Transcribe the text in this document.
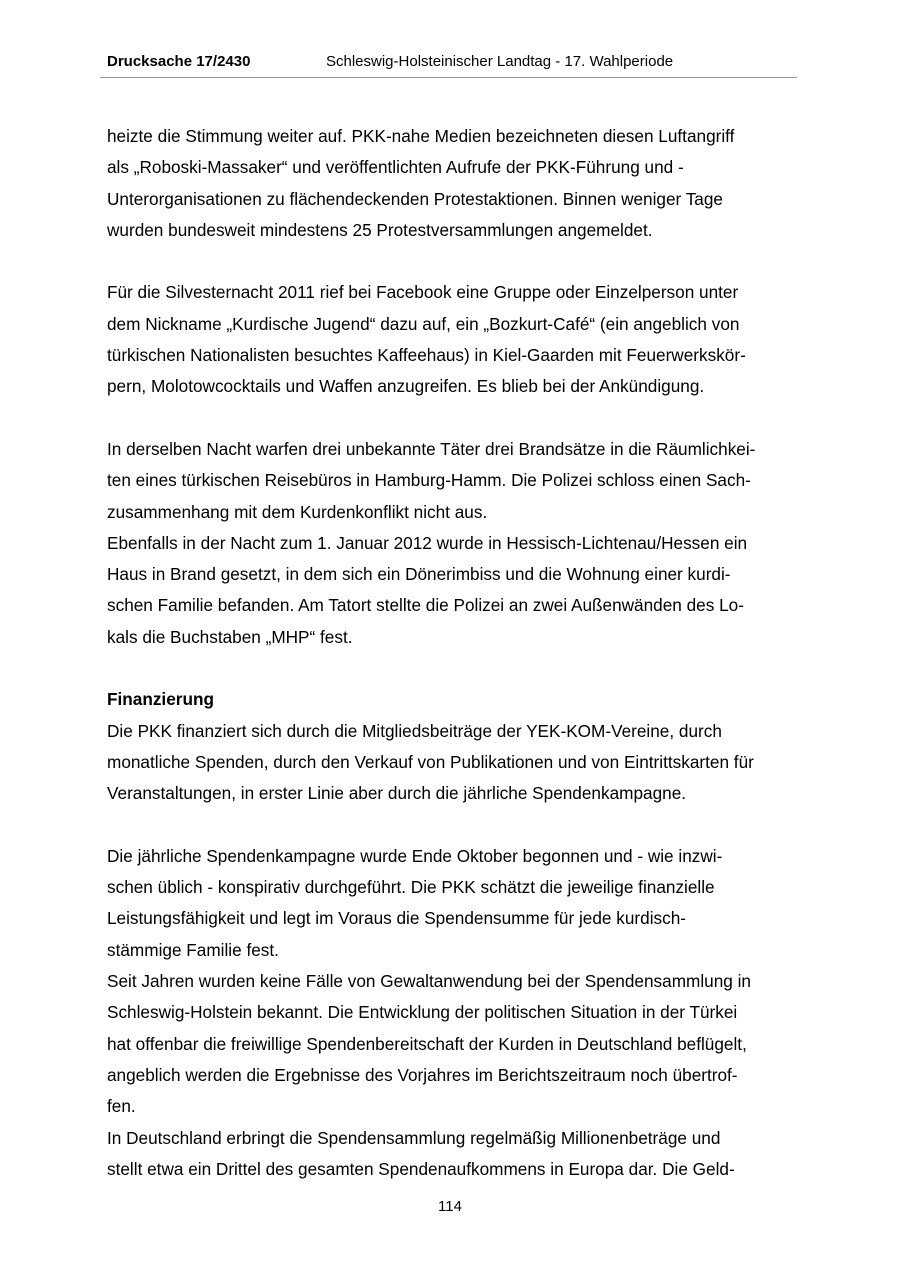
Drucksache 17/2430	Schleswig-Holsteinischer Landtag - 17. Wahlperiode
heizte die Stimmung weiter auf. PKK-nahe Medien bezeichneten diesen Luftangriff
als „Roboski-Massaker“ und veröffentlichten Aufrufe der PKK-Führung und -
Unterorganisationen zu flächendeckenden Protestaktionen. Binnen weniger Tage
wurden bundesweit mindestens 25 Protestversammlungen angemeldet.
Für die Silvesternacht 2011 rief bei Facebook eine Gruppe oder Einzelperson unter
dem Nickname „Kurdische Jugend“ dazu auf, ein „Bozkurt-Café“ (ein angeblich von
türkischen Nationalisten besuchtes Kaffeehaus) in Kiel-Gaarden mit Feuerwerkskör-
pern, Molotowcocktails und Waffen anzugreifen. Es blieb bei der Ankündigung.
In derselben Nacht warfen drei unbekannte Täter drei Brandsätze in die Räumlichkei-
ten eines türkischen Reisebüros in Hamburg-Hamm. Die Polizei schloss einen Sach-
zusammenhang mit dem Kurdenkonflikt nicht aus.
Ebenfalls in der Nacht zum 1. Januar 2012 wurde in Hessisch-Lichtenau/Hessen ein
Haus in Brand gesetzt, in dem sich ein Dönerimbiss und die Wohnung einer kurdi-
schen Familie befanden. Am Tatort stellte die Polizei an zwei Außenwänden des Lo-
kals die Buchstaben „MHP“ fest.
Finanzierung
Die PKK finanziert sich durch die Mitgliedsbeiträge der YEK-KOM-Vereine, durch
monatliche Spenden, durch den Verkauf von Publikationen und von Eintrittskarten für
Veranstaltungen, in erster Linie aber durch die jährliche Spendenkampagne.
Die jährliche Spendenkampagne wurde Ende Oktober begonnen und - wie inzwi-
schen üblich - konspirativ durchgeführt. Die PKK schätzt die jeweilige finanzielle
Leistungsfähigkeit und legt im Voraus die Spendensumme für jede kurdisch-
stämmige Familie fest.
Seit Jahren wurden keine Fälle von Gewaltanwendung bei der Spendensammlung in
Schleswig-Holstein bekannt. Die Entwicklung der politischen Situation in der Türkei
hat offenbar die freiwillige Spendenbereitschaft der Kurden in Deutschland beflügelt,
angeblich werden die Ergebnisse des Vorjahres im Berichtszeitraum noch übertrof-
fen.
In Deutschland erbringt die Spendensammlung regelmäßig Millionenbeträge und
stellt etwa ein Drittel des gesamten Spendenaufkommens in Europa dar. Die Geld-
114
